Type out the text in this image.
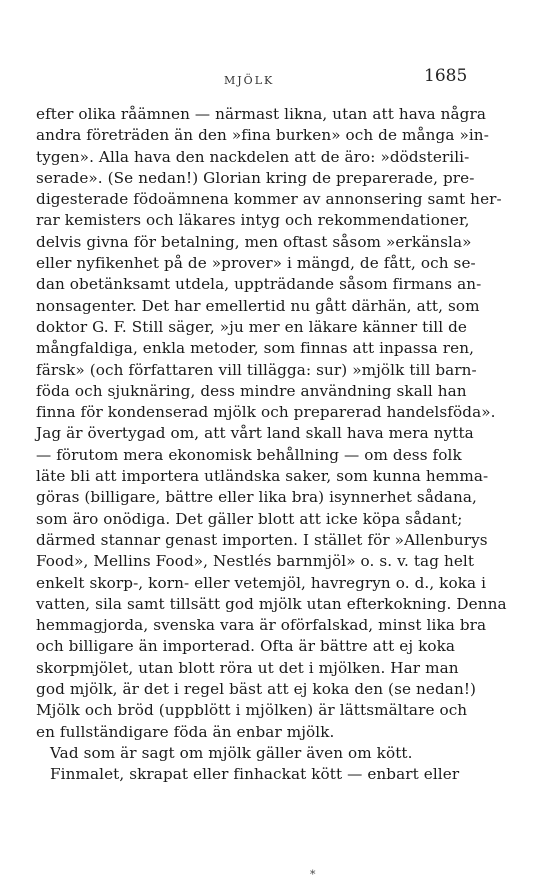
MJÖLK	1685
efter olika råämnen — närmast likna, utan att hava några
andra företräden än den »fina burken» och de många »in-
tygen». Alla hava den nackdelen att de äro: »dödsterili-
serade». (Se nedan!) Glorian kring de preparerade, pre-
digesterade födoämnena kommer av annonsering samt her-
rar kemisters och läkares intyg och rekommendationer,
delvis givna för betalning, men oftast såsom »erkänsla»
eller nyfikenhet på de »prover» i mängd, de fått, och se-
dan obetänksamt utdela, uppträdande såsom firmans an-
nonsagenter. Det har emellertid nu gått därhän, att, som
doktor G. F. Still säger, »ju mer en läkare känner till de
mångfaldiga, enkla metoder, som finnas att inpassa ren,
färsk» (och författaren vill tillägga: sur) »mjölk till barn-
föda och sjuknäring, dess mindre användning skall han
finna för kondenserad mjölk och preparerad handelsföda».
Jag är övertygad om, att vårt land skall hava mera nytta
— förutom mera ekonomisk behållning — om dess folk
läte bli att importera utländska saker, som kunna hemma-
göras (billigare, bättre eller lika bra) isynnerhet sådana,
som äro onödiga. Det gäller blott att icke köpa sådant;
därmed stannar genast importen. I stället för »Allenburys
Food», Mellins Food», Nestlés barnmjöl» o. s. v. tag helt
enkelt skorp-, korn- eller vetemjöl, havregryn o. d., koka i
vatten, sila samt tillsätt god mjölk utan efterkokning. Denna
hemmagjorda, svenska vara är oförfalskad, minst lika bra
och billigare än importerad. Ofta är bättre att ej koka
skorpmjölet, utan blott röra ut det i mjölken. Har man
god mjölk, är det i regel bäst att ej koka den (se nedan!)
Mjölk och bröd (uppblött i mjölken) är lättsmältare och
en fullständigare föda än enbar mjölk.
Vad som är sagt om mjölk gäller även om kött.
Finmalet, skrapat eller finhackat kött — enbart eller
*
